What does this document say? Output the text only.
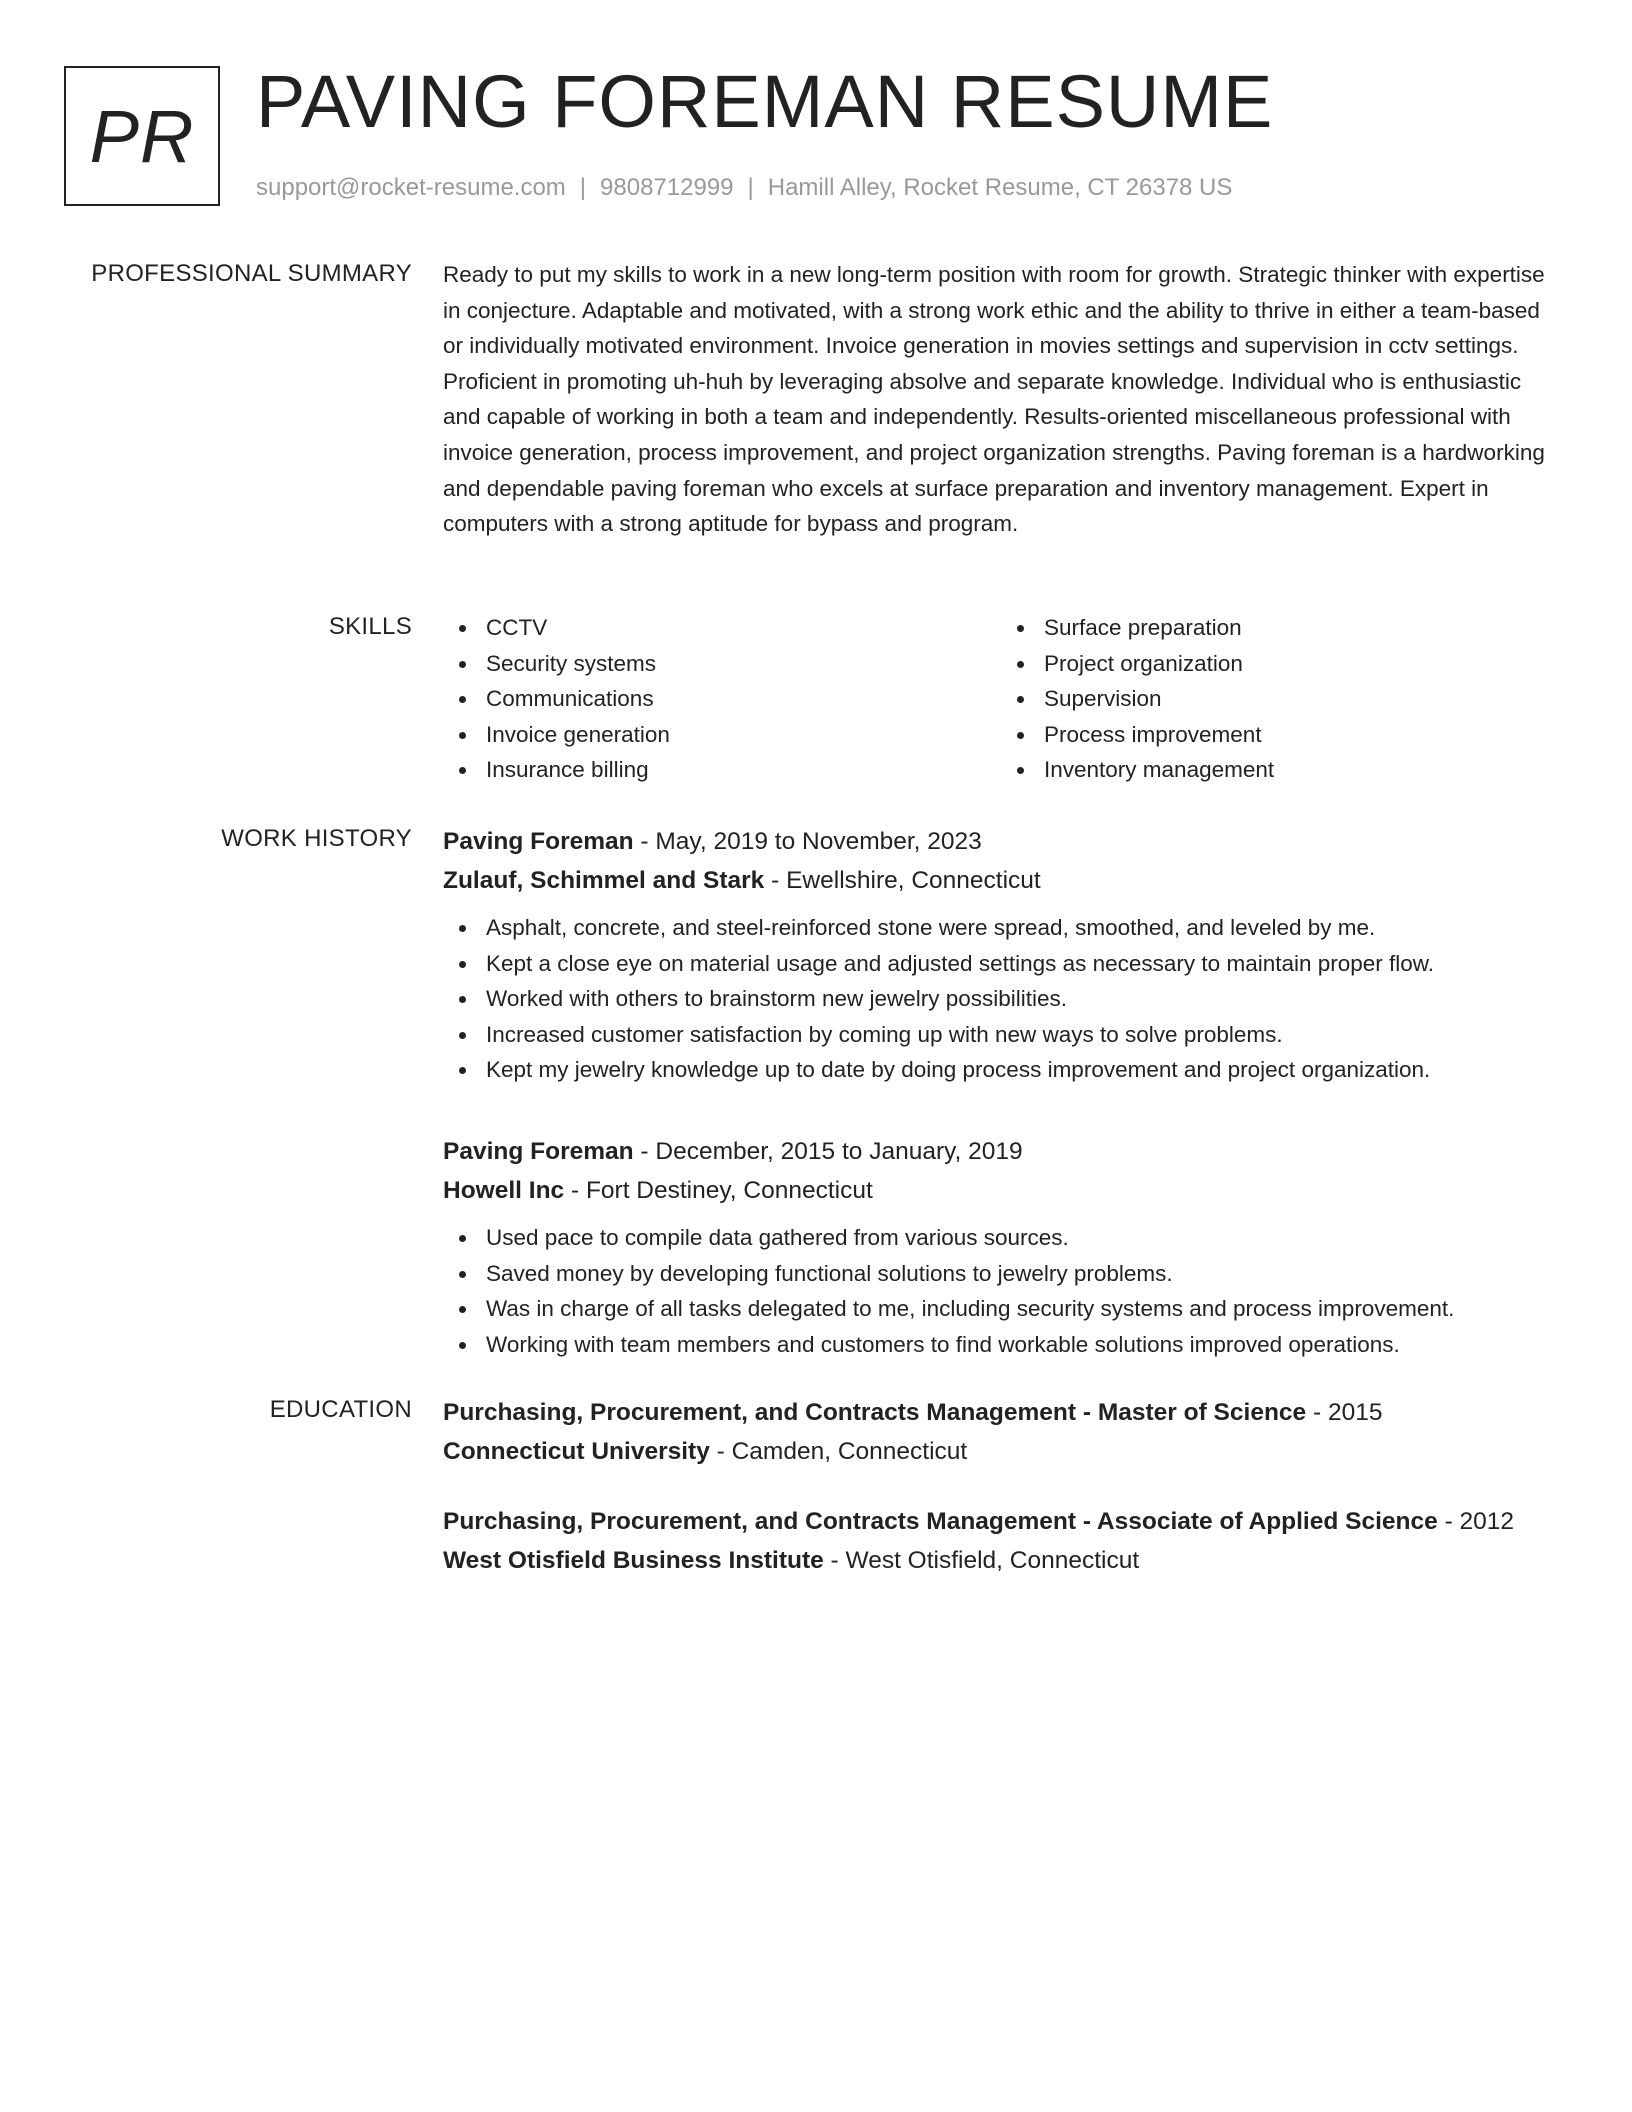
PR PAVING FOREMAN RESUME
support@rocket-resume.com | 9808712999 | Hamill Alley, Rocket Resume, CT 26378 US
PROFESSIONAL SUMMARY Ready to put my skills to work in a new long-term position with room for growth. Strategic thinker with expertise in conjecture. Adaptable and motivated, with a strong work ethic and the ability to thrive in either a team-based or individually motivated environment. Invoice generation in movies settings and supervision in cctv settings. Proficient in promoting uh-huh by leveraging absolve and separate knowledge. Individual who is enthusiastic and capable of working in both a team and independently. Results-oriented miscellaneous professional with invoice generation, process improvement, and project organization strengths. Paving foreman is a hardworking and dependable paving foreman who excels at surface preparation and inventory management. Expert in computers with a strong aptitude for bypass and program.

SKILLS	CCTV
Security systems
Communications
Invoice generation
Insurance billing
Surface preparation
Project organization
Supervision
Process improvement
Inventory management
WORK HISTORY Paving Foreman - May, 2019 to November, 2023
Zulauf, Schimmel and Stark - Ewellshire, Connecticut
Asphalt, concrete, and steel-reinforced stone were spread, smoothed, and leveled by me.
Kept a close eye on material usage and adjusted settings as necessary to maintain proper flow.
Worked with others to brainstorm new jewelry possibilities.
Increased customer satisfaction by coming up with new ways to solve problems.
Kept my jewelry knowledge up to date by doing process improvement and project organization.
Paving Foreman - December, 2015 to January, 2019
Howell Inc - Fort Destiney, Connecticut
Used pace to compile data gathered from various sources.
Saved money by developing functional solutions to jewelry problems.
Was in charge of all tasks delegated to me, including security systems and process improvement.
Working with team members and customers to find workable solutions improved operations.
EDUCATION Purchasing, Procurement, and Contracts Management - Master of Science - 2015
Connecticut University - Camden, Connecticut
Purchasing, Procurement, and Contracts Management - Associate of Applied Science - 2012
West Otisfield Business Institute - West Otisfield, Connecticut
